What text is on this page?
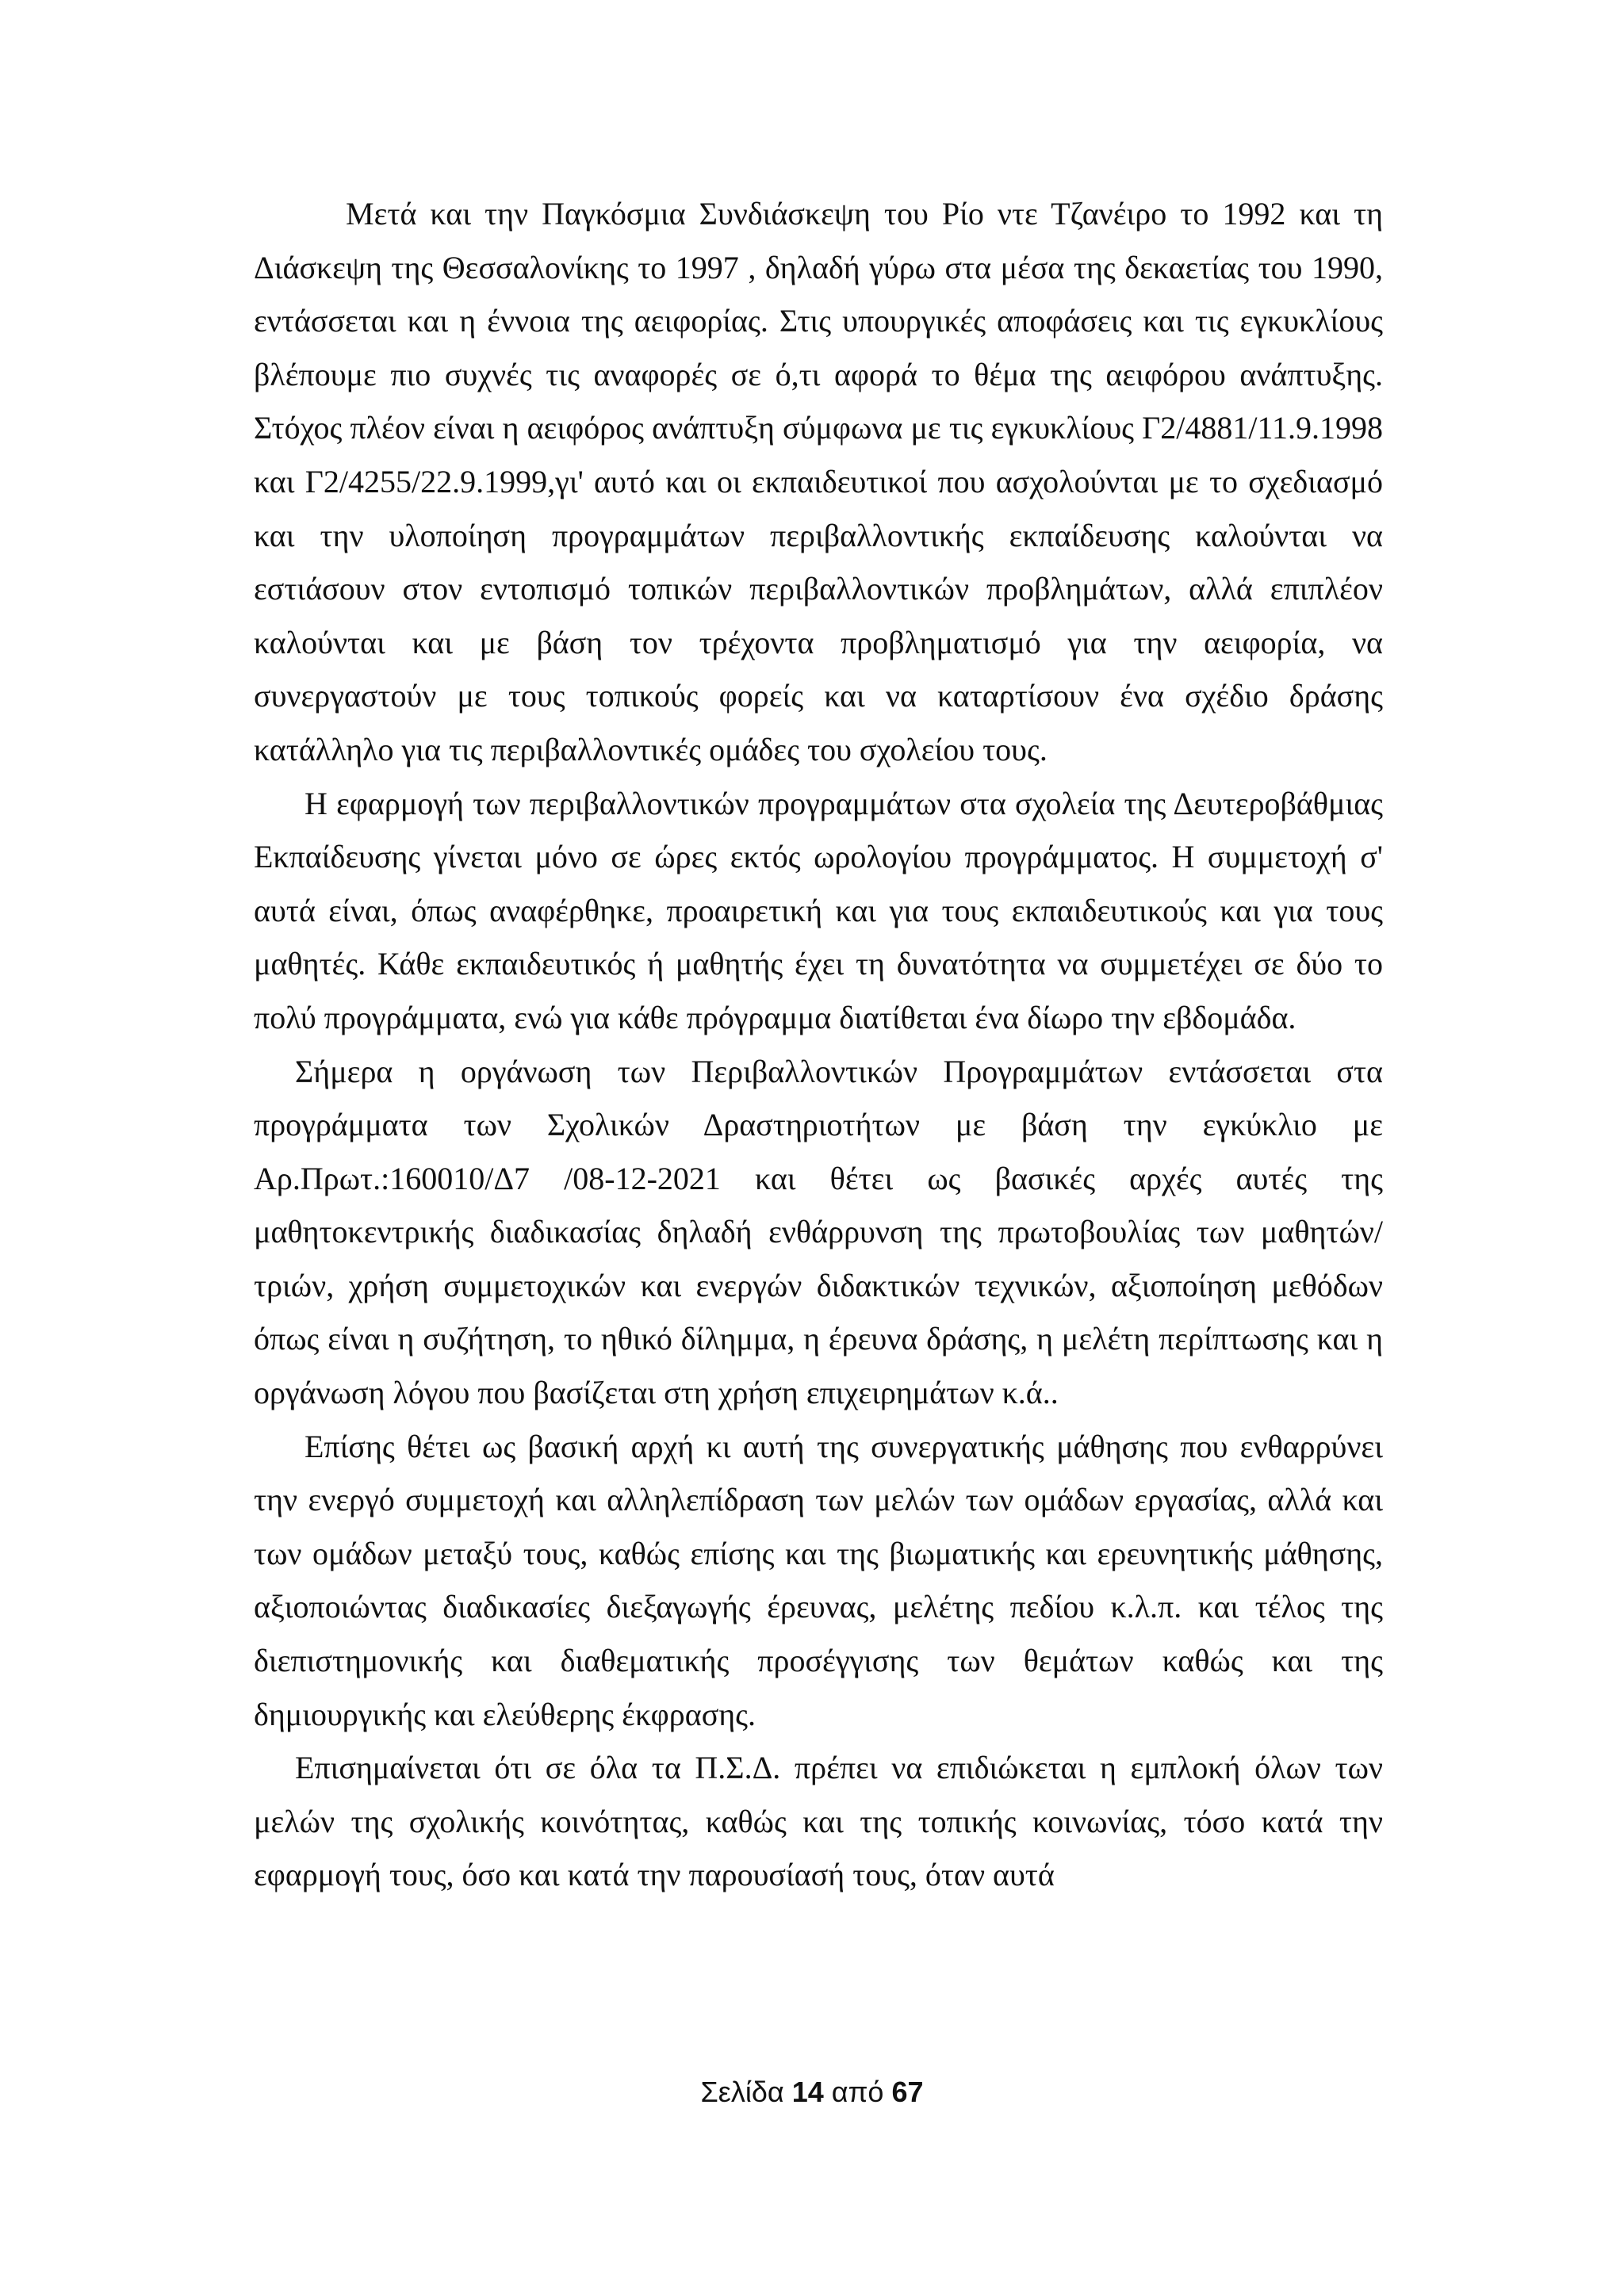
Μετά και την Παγκόσμια Συνδιάσκεψη του Ρίο ντε Τζανέιρο το 1992 και τη Διάσκεψη της Θεσσαλονίκης το 1997 , δηλαδή γύρω στα μέσα της δεκαετίας του 1990, εντάσσεται και η έννοια της αειφορίας. Στις υπουργικές αποφάσεις και τις εγκυκλίους βλέπουμε πιο συχνές τις αναφορές σε ό,τι αφορά το θέμα της αειφόρου ανάπτυξης. Στόχος πλέον είναι η αειφόρος ανάπτυξη σύμφωνα με τις εγκυκλίους Γ2/4881/11.9.1998 και Γ2/4255/22.9.1999,γι' αυτό και οι εκπαιδευτικοί που ασχολούνται με το σχεδιασμό και την υλοποίηση προγραμμάτων περιβαλλοντικής εκπαίδευσης καλούνται να εστιάσουν στον εντοπισμό τοπικών περιβαλλοντικών προβλημάτων, αλλά επιπλέον καλούνται και με βάση τον τρέχοντα προβληματισμό για την αειφορία, να συνεργαστούν με τους τοπικούς φορείς και να καταρτίσουν ένα σχέδιο δράσης κατάλληλο για τις περιβαλλοντικές ομάδες του σχολείου τους.

Η εφαρμογή των περιβαλλοντικών προγραμμάτων στα σχολεία της Δευτεροβάθμιας Εκπαίδευσης γίνεται μόνο σε ώρες εκτός ωρολογίου προγράμματος. Η συμμετοχή σ' αυτά είναι, όπως αναφέρθηκε, προαιρετική και για τους εκπαιδευτικούς και για τους μαθητές. Κάθε εκπαιδευτικός ή μαθητής έχει τη δυνατότητα να συμμετέχει σε δύο το πολύ προγράμματα, ενώ για κάθε πρόγραμμα διατίθεται ένα δίωρο την εβδομάδα.

Σήμερα η οργάνωση των Περιβαλλοντικών Προγραμμάτων εντάσσεται στα προγράμματα των Σχολικών Δραστηριοτήτων με βάση την εγκύκλιο με Αρ.Πρωτ.:160010/Δ7 /08-12-2021 και θέτει ως βασικές αρχές αυτές της μαθητοκεντρικής διαδικασίας δηλαδή ενθάρρυνση της πρωτοβουλίας των μαθητών/τριών, χρήση συμμετοχικών και ενεργών διδακτικών τεχνικών, αξιοποίηση μεθόδων όπως είναι η συζήτηση, το ηθικό δίλημμα, η έρευνα δράσης, η μελέτη περίπτωσης και η οργάνωση λόγου που βασίζεται στη χρήση επιχειρημάτων κ.ά..

Επίσης θέτει ως βασική αρχή κι αυτή της συνεργατικής μάθησης που ενθαρρύνει την ενεργό συμμετοχή και αλληλεπίδραση των μελών των ομάδων εργασίας, αλλά και των ομάδων μεταξύ τους, καθώς επίσης και της βιωματικής και ερευνητικής μάθησης, αξιοποιώντας διαδικασίες διεξαγωγής έρευνας, μελέτης πεδίου κ.λ.π. και τέλος της διεπιστημονικής και διαθεματικής προσέγγισης των θεμάτων καθώς και της δημιουργικής και ελεύθερης έκφρασης.

Επισημαίνεται ότι σε όλα τα Π.Σ.Δ. πρέπει να επιδιώκεται η εμπλοκή όλων των μελών της σχολικής κοινότητας, καθώς και της τοπικής κοινωνίας, τόσο κατά την εφαρμογή τους, όσο και κατά την παρουσίασή τους, όταν αυτά

Σελίδα 14 από 67
